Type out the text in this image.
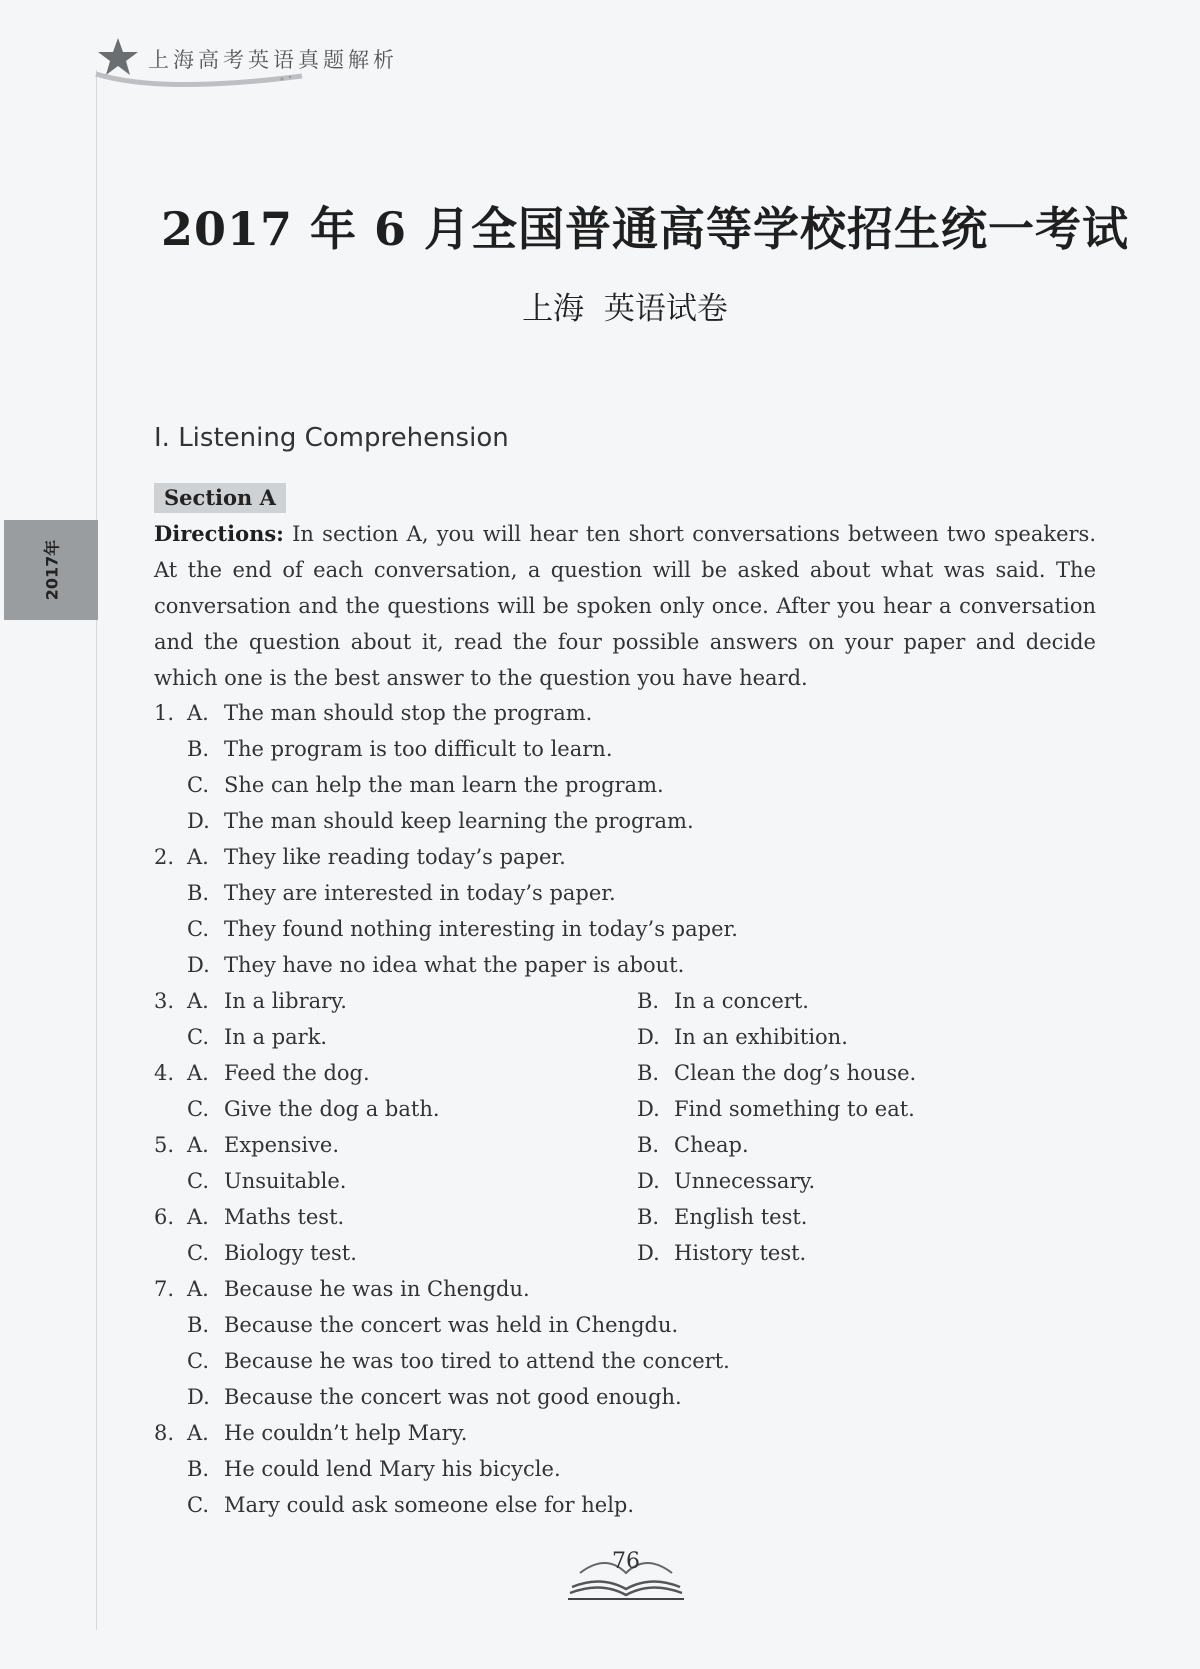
上海高考英语真题解析
2017 年 6 月全国普通高等学校招生统一考试
上海 英语试卷
2017年
I. Listening Comprehension
Section A
Directions: In section A, you will hear ten short conversations between two speakers. At the end of each conversation, a question will be asked about what was said. The conversation and the questions will be spoken only once. After you hear a conversation and the question about it, read the four possible answers on your paper and decide which one is the best answer to the question you have heard.
1. A. The man should stop the program.
B. The program is too difficult to learn.
C. She can help the man learn the program.
D. The man should keep learning the program.
2. A. They like reading today’s paper.
B. They are interested in today’s paper.
C. They found nothing interesting in today’s paper.
D. They have no idea what the paper is about.
3. A. In a library.	B. In a concert.
C. In a park.	D. In an exhibition.
4. A. Feed the dog.	B. Clean the dog’s house.
C. Give the dog a bath.	D. Find something to eat.
5. A. Expensive.	B. Cheap.
C. Unsuitable.	D. Unnecessary.
6. A. Maths test.	B. English test.
C. Biology test.	D. History test.
7. A. Because he was in Chengdu.
B. Because the concert was held in Chengdu.
C. Because he was too tired to attend the concert.
D. Because the concert was not good enough.
8. A. He couldn’t help Mary.
B. He could lend Mary his bicycle.
C. Mary could ask someone else for help.
76
